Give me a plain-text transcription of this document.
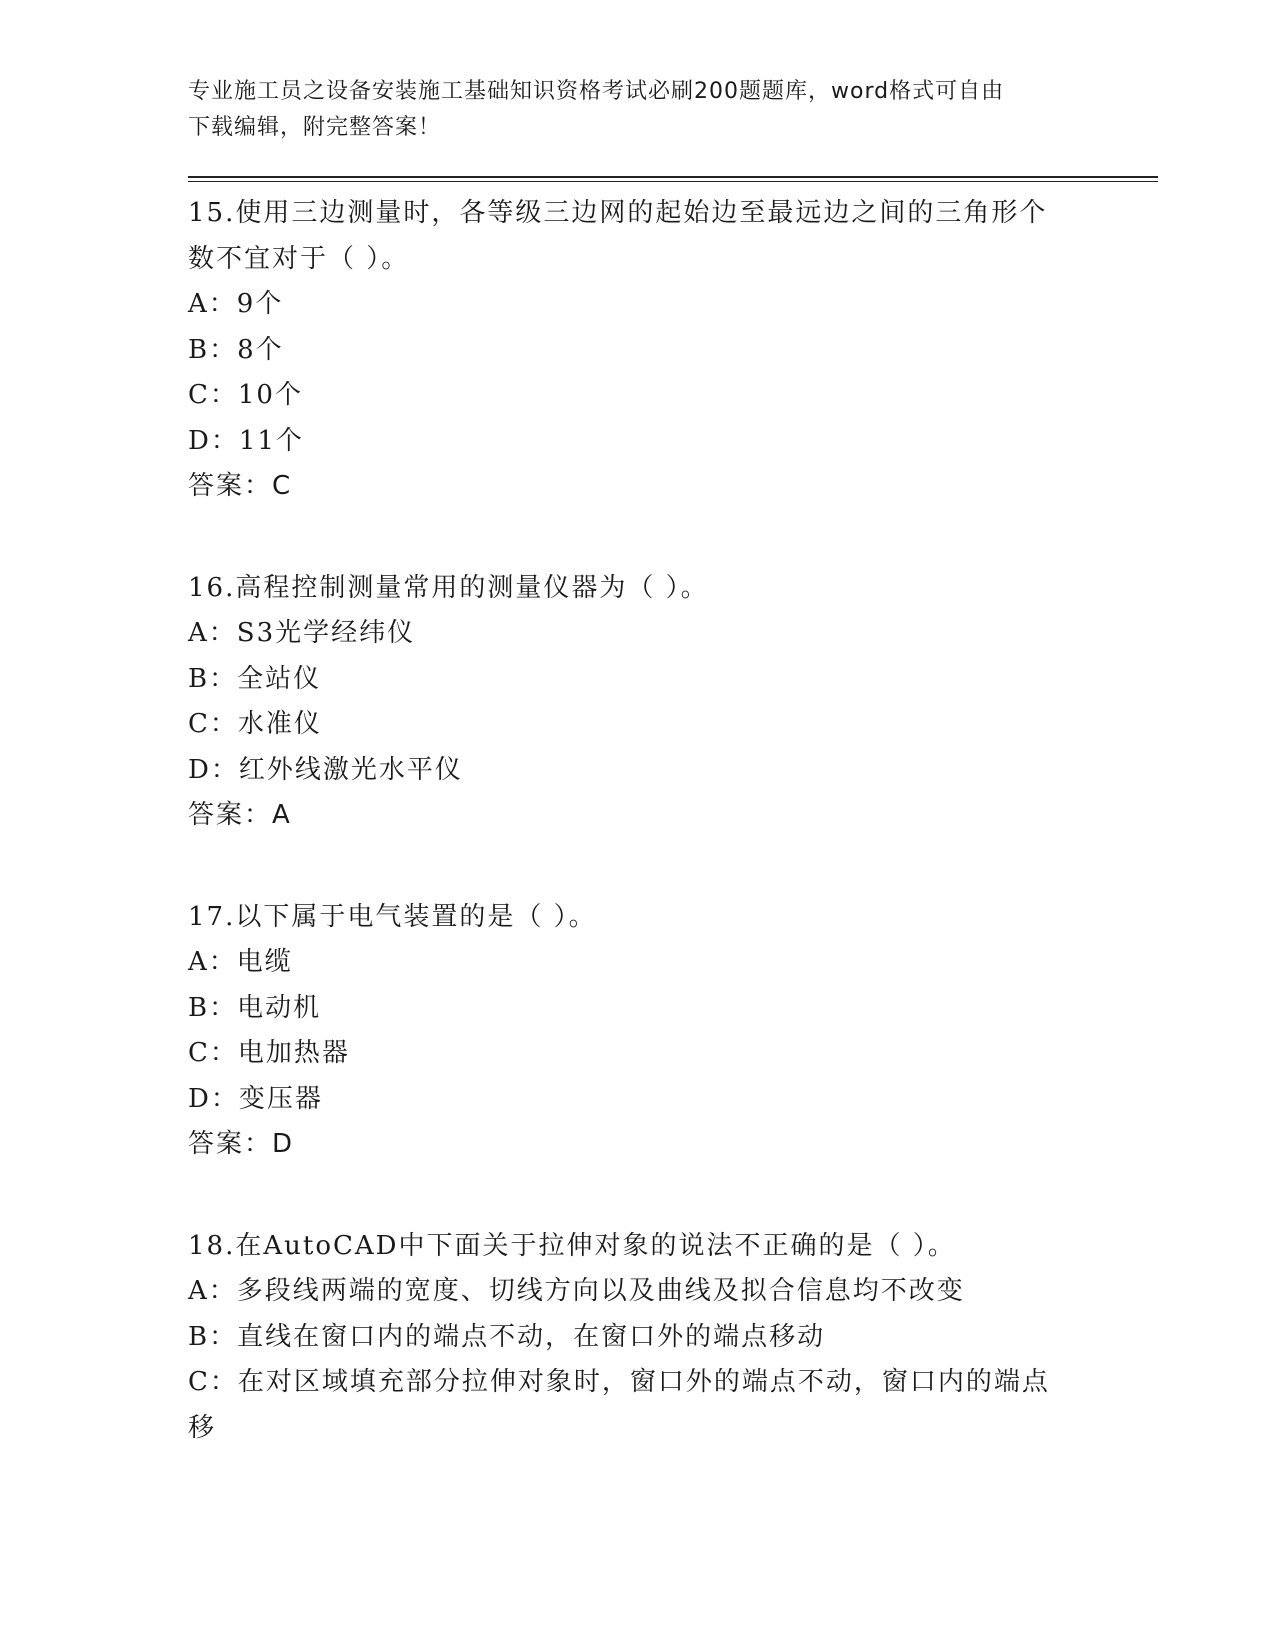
专业施工员之设备安装施工基础知识资格考试必刷200题题库，word格式可自由
下载编辑，附完整答案！
15.使用三边测量时，各等级三边网的起始边至最远边之间的三角形个
数不宜对于（ ）。
A：9个
B：8个
C：10个
D：11个
答案：C
16.高程控制测量常用的测量仪器为（ ）。
A：S3光学经纬仪
B：全站仪
C：水准仪
D：红外线激光水平仪
答案：A
17.以下属于电气装置的是（ ）。
A：电缆
B：电动机
C：电加热器
D：变压器
答案：D
18.在AutoCAD中下面关于拉伸对象的说法不正确的是（ ）。
A：多段线两端的宽度、切线方向以及曲线及拟合信息均不改变
B：直线在窗口内的端点不动，在窗口外的端点移动
C：在对区域填充部分拉伸对象时，窗口外的端点不动，窗口内的端点
移
